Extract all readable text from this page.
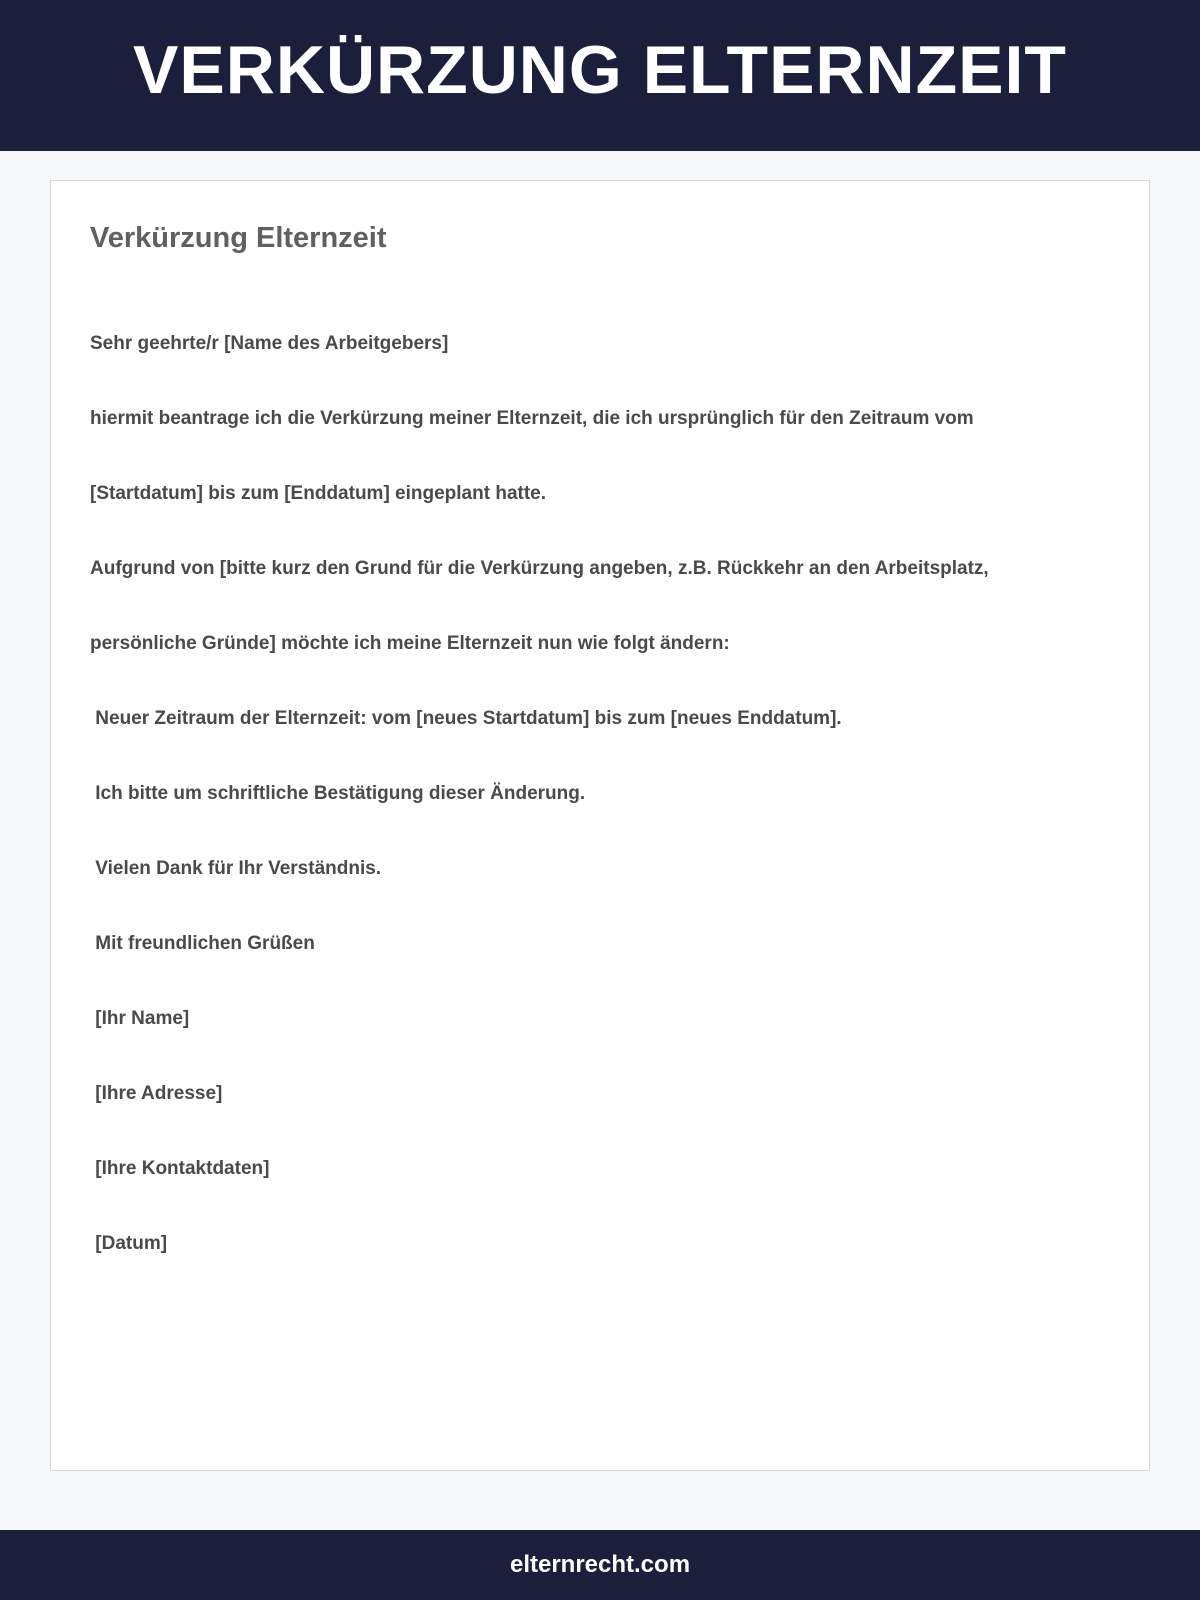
VERKÜRZUNG ELTERNZEIT
Verkürzung Elternzeit

Sehr geehrte/r [Name des Arbeitgebers]

hiermit beantrage ich die Verkürzung meiner Elternzeit, die ich ursprünglich für den Zeitraum vom

[Startdatum] bis zum [Enddatum] eingeplant hatte.

Aufgrund von [bitte kurz den Grund für die Verkürzung angeben, z.B. Rückkehr an den Arbeitsplatz,

persönliche Gründe] möchte ich meine Elternzeit nun wie folgt ändern:

Neuer Zeitraum der Elternzeit: vom [neues Startdatum] bis zum [neues Enddatum].

Ich bitte um schriftliche Bestätigung dieser Änderung.

Vielen Dank für Ihr Verständnis.

Mit freundlichen Grüßen

[Ihr Name]

[Ihre Adresse]

[Ihre Kontaktdaten]

[Datum]

elternrecht.com
